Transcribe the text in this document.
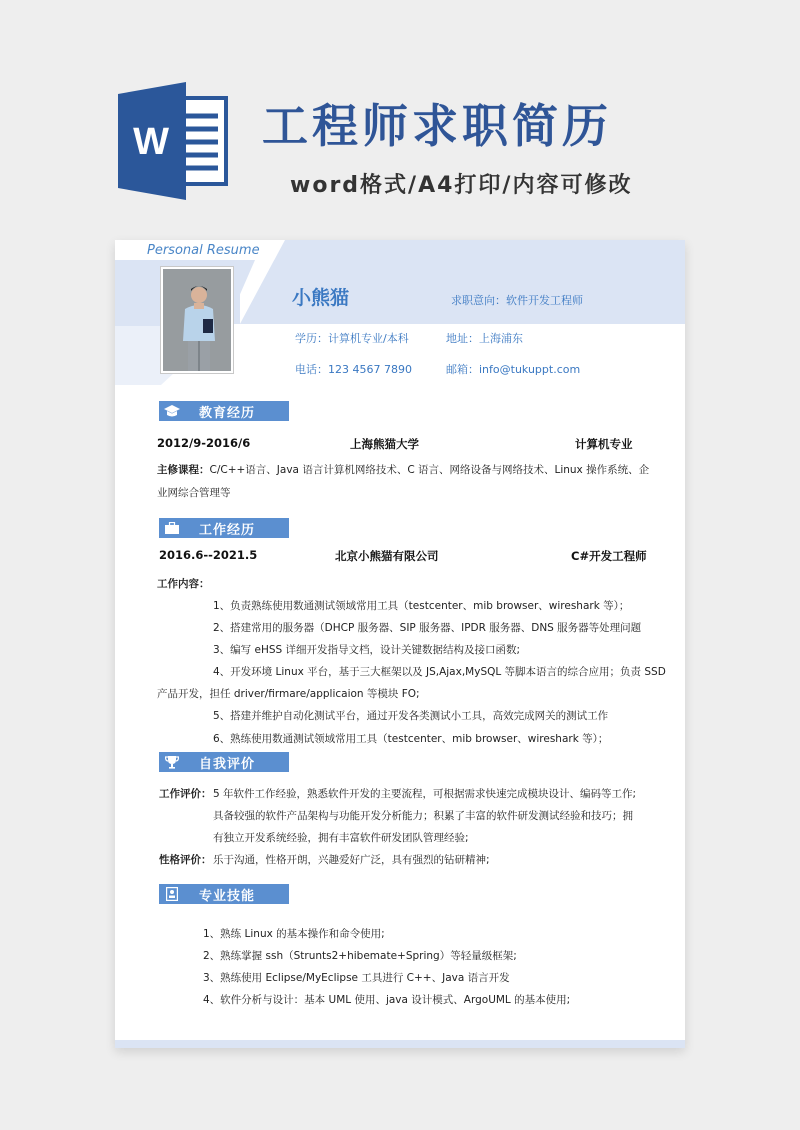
W 工程师求职简历
word格式/A4打印/内容可修改
Personal Resume
小熊猫	求职意向：软件开发工程师
学历：计算机专业/本科	地址：上海浦东
电话：123 4567 7890	邮箱：info@tukuppt.com
教育经历
2012/9-2016/6	上海熊猫大学	计算机专业
主修课程：C/C++语言、Java 语言计算机网络技术、C 语言、网络设备与网络技术、Linux 操作系统、企
业网综合管理等
工作经历
2016.6--2021.5	北京小熊猫有限公司	C#开发工程师
工作内容：
1、负责熟练使用数通测试领域常用工具（testcenter、mib browser、wireshark 等）；
2、搭建常用的服务器（DHCP 服务器、SIP 服务器、IPDR 服务器、DNS 服务器等处理问题
3、编写 eHSS 详细开发指导文档，设计关键数据结构及接口函数;
4、开发环境 Linux 平台，基于三大框架以及 JS,Ajax,MySQL 等脚本语言的综合应用；负责 SSD
产品开发，担任 driver/firmare/applicaion 等模块 FO;
5、搭建并维护自动化测试平台，通过开发各类测试小工具，高效完成网关的测试工作
6、熟练使用数通测试领域常用工具（testcenter、mib browser、wireshark 等）；
自我评价
工作评价： 5 年软件工作经验，熟悉软件开发的主要流程，可根据需求快速完成模块设计、编码等工作;
具备较强的软件产品架构与功能开发分析能力；积累了丰富的软件研发测试经验和技巧；拥
有独立开发系统经验，拥有丰富软件研发团队管理经验;
性格评价： 乐于沟通，性格开朗，兴趣爱好广泛，具有强烈的钻研精神;
专业技能
1、熟练 Linux 的基本操作和命令使用;
2、熟练掌握 ssh（Strunts2+hibemate+Spring）等轻量级框架;
3、熟练使用 Eclipse/MyEclipse 工具进行 C++、Java 语言开发
4、软件分析与设计：基本 UML 使用、java 设计模式、ArgoUML 的基本使用;
